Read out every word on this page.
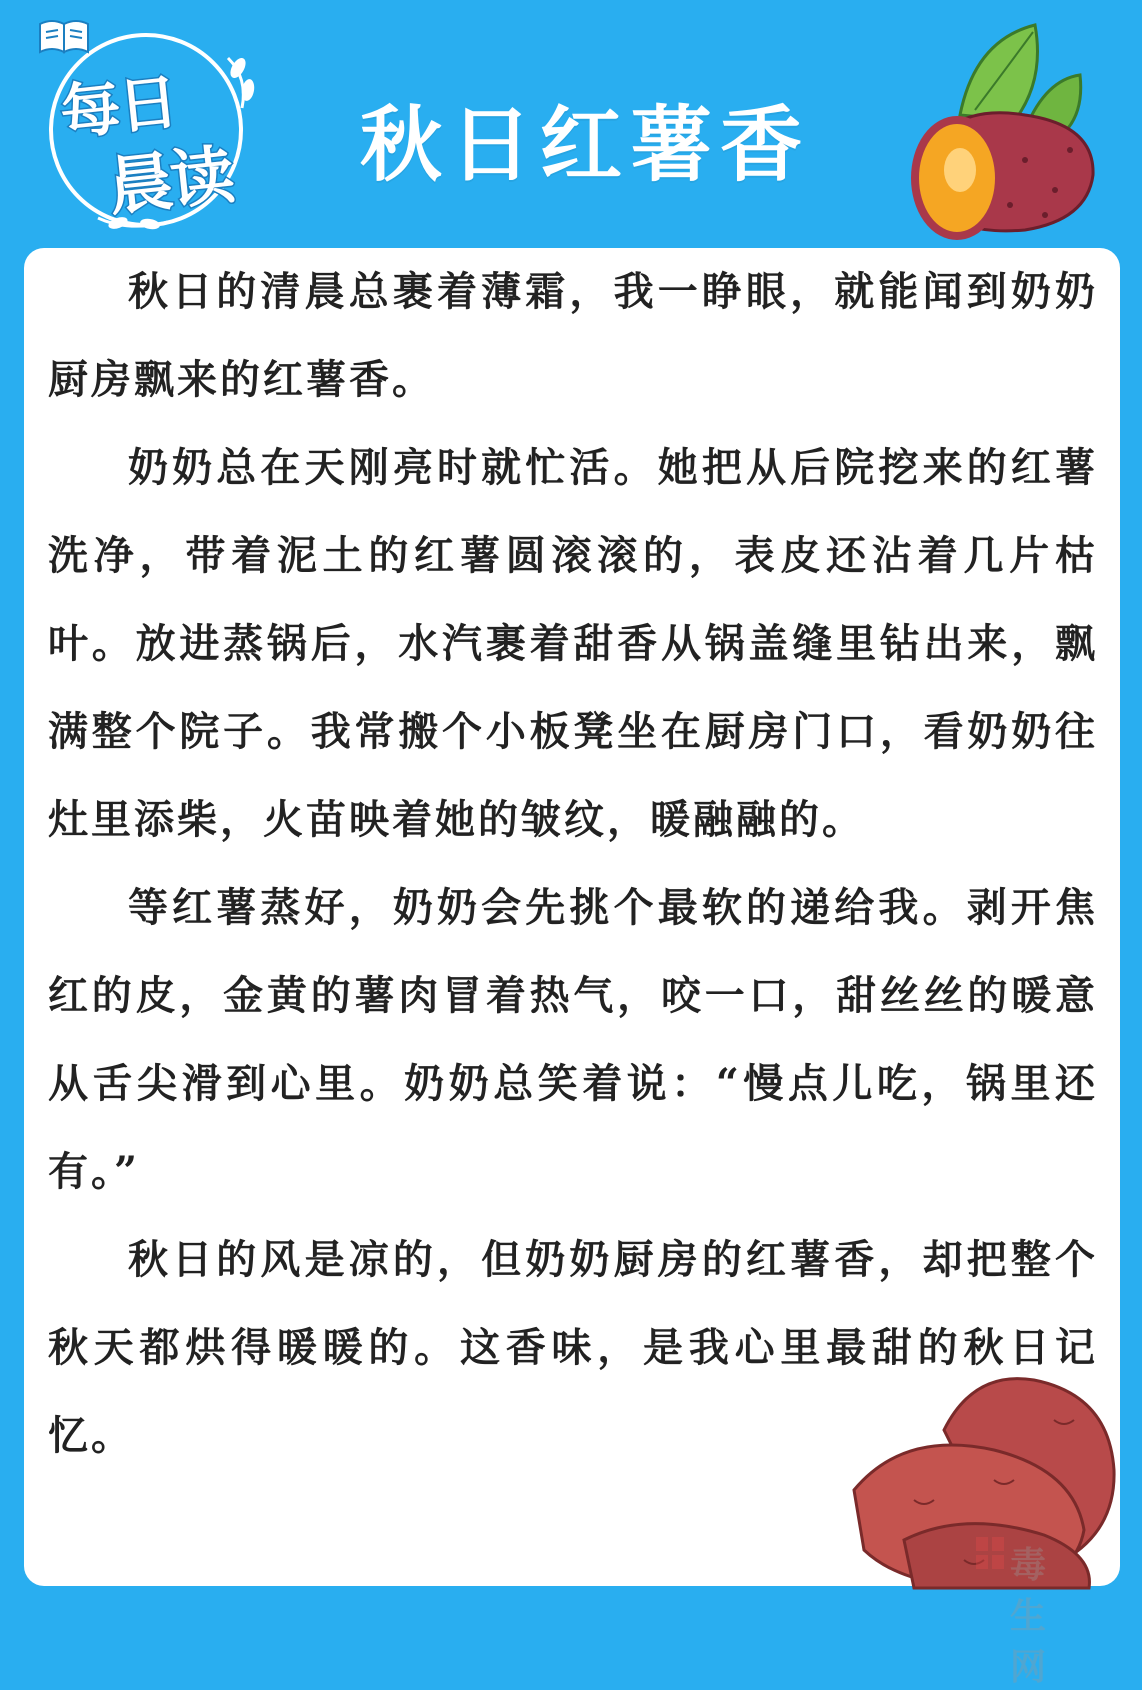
每日
晨读 秋日红薯香

秋日的清晨总裹着薄霜，我一睁眼，就能闻到奶奶厨房飘来的红薯香。

奶奶总在天刚亮时就忙活。她把从后院挖来的红薯洗净，带着泥土的红薯圆滚滚的，表皮还沾着几片枯叶。放进蒸锅后，水汽裹着甜香从锅盖缝里钻出来，飘满整个院子。我常搬个小板凳坐在厨房门口，看奶奶往灶里添柴，火苗映着她的皱纹，暖融融的。

等红薯蒸好，奶奶会先挑个最软的递给我。剥开焦红的皮，金黄的薯肉冒着热气，咬一口，甜丝丝的暖意从舌尖滑到心里。奶奶总笑着说：“慢点儿吃，锅里还有。”

秋日的风是凉的，但奶奶厨房的红薯香，却把整个秋天都烘得暖暖的。这香味，是我心里最甜的秋日记忆。

毒生网
